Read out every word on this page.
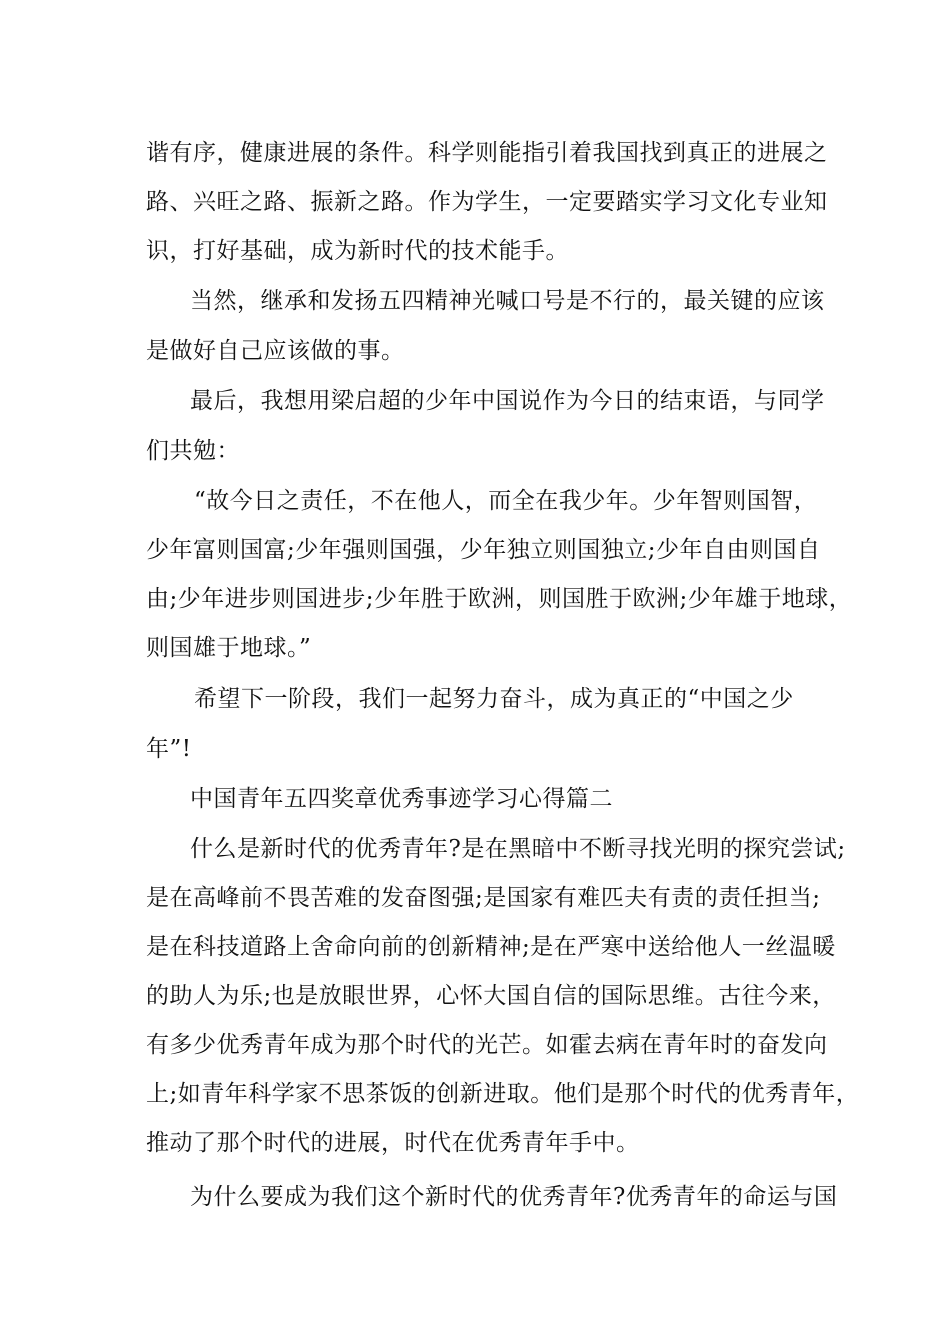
谐有序，健康进展的条件。科学则能指引着我国找到真正的进展之
路、兴旺之路、振新之路。作为学生，一定要踏实学习文化专业知
识，打好基础，成为新时代的技术能手。
当然，继承和发扬五四精神光喊口号是不行的，最关键的应该
是做好自己应该做的事。
最后，我想用梁启超的少年中国说作为今日的结束语，与同学
们共勉：
“故今日之责任，不在他人，而全在我少年。少年智则国智，
少年富则国富;少年强则国强，少年独立则国独立;少年自由则国自
由;少年进步则国进步;少年胜于欧洲，则国胜于欧洲;少年雄于地球，
则国雄于地球。”
希望下一阶段，我们一起努力奋斗，成为真正的“中国之少
年”!
中国青年五四奖章优秀事迹学习心得篇二
什么是新时代的优秀青年?是在黑暗中不断寻找光明的探究尝试;
是在高峰前不畏苦难的发奋图强;是国家有难匹夫有责的责任担当;
是在科技道路上舍命向前的创新精神;是在严寒中送给他人一丝温暖
的助人为乐;也是放眼世界，心怀大国自信的国际思维。古往今来，
有多少优秀青年成为那个时代的光芒。如霍去病在青年时的奋发向
上;如青年科学家不思茶饭的创新进取。他们是那个时代的优秀青年，
推动了那个时代的进展，时代在优秀青年手中。
为什么要成为我们这个新时代的优秀青年?优秀青年的命运与国
